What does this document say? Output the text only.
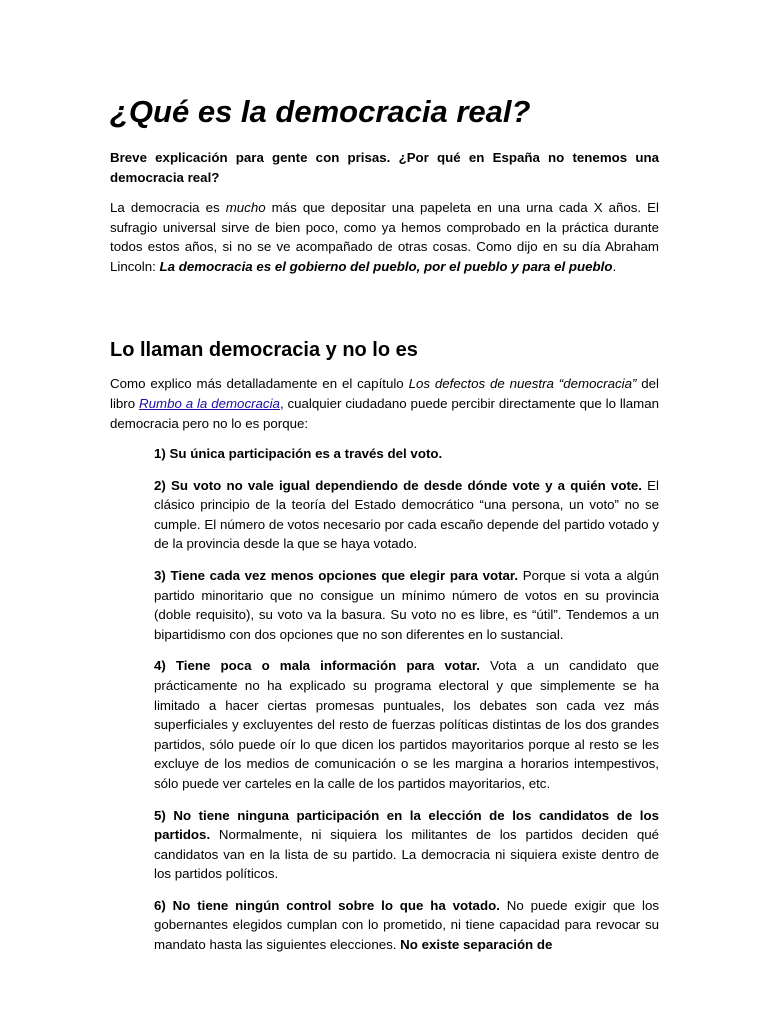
¿Qué es la democracia real?

Breve explicación para gente con prisas. ¿Por qué en España no tenemos una democracia real?

La democracia es mucho más que depositar una papeleta en una urna cada X años. El sufragio universal sirve de bien poco, como ya hemos comprobado en la práctica durante todos estos años, si no se ve acompañado de otras cosas. Como dijo en su día Abraham Lincoln: La democracia es el gobierno del pueblo, por el pueblo y para el pueblo.

Lo llaman democracia y no lo es

Como explico más detalladamente en el capítulo Los defectos de nuestra “democracia” del libro Rumbo a la democracia, cualquier ciudadano puede percibir directamente que lo llaman democracia pero no lo es porque:

1) Su única participación es a través del voto.
2) Su voto no vale igual dependiendo de desde dónde vote y a quién vote. El clásico principio de la teoría del Estado democrático “una persona, un voto” no se cumple. El número de votos necesario por cada escaño depende del partido votado y de la provincia desde la que se haya votado.
3) Tiene cada vez menos opciones que elegir para votar. Porque si vota a algún partido minoritario que no consigue un mínimo número de votos en su provincia (doble requisito), su voto va la basura. Su voto no es libre, es “útil”. Tendemos a un bipartidismo con dos opciones que no son diferentes en lo sustancial.
4) Tiene poca o mala información para votar. Vota a un candidato que prácticamente no ha explicado su programa electoral y que simplemente se ha limitado a hacer ciertas promesas puntuales, los debates son cada vez más superficiales y excluyentes del resto de fuerzas políticas distintas de los dos grandes partidos, sólo puede oír lo que dicen los partidos mayoritarios porque al resto se les excluye de los medios de comunicación o se les margina a horarios intempestivos, sólo puede ver carteles en la calle de los partidos mayoritarios, etc.
5) No tiene ninguna participación en la elección de los candidatos de los partidos. Normalmente, ni siquiera los militantes de los partidos deciden qué candidatos van en la lista de su partido. La democracia ni siquiera existe dentro de los partidos políticos.
6) No tiene ningún control sobre lo que ha votado. No puede exigir que los gobernantes elegidos cumplan con lo prometido, ni tiene capacidad para revocar su mandato hasta las siguientes elecciones. No existe separación de
